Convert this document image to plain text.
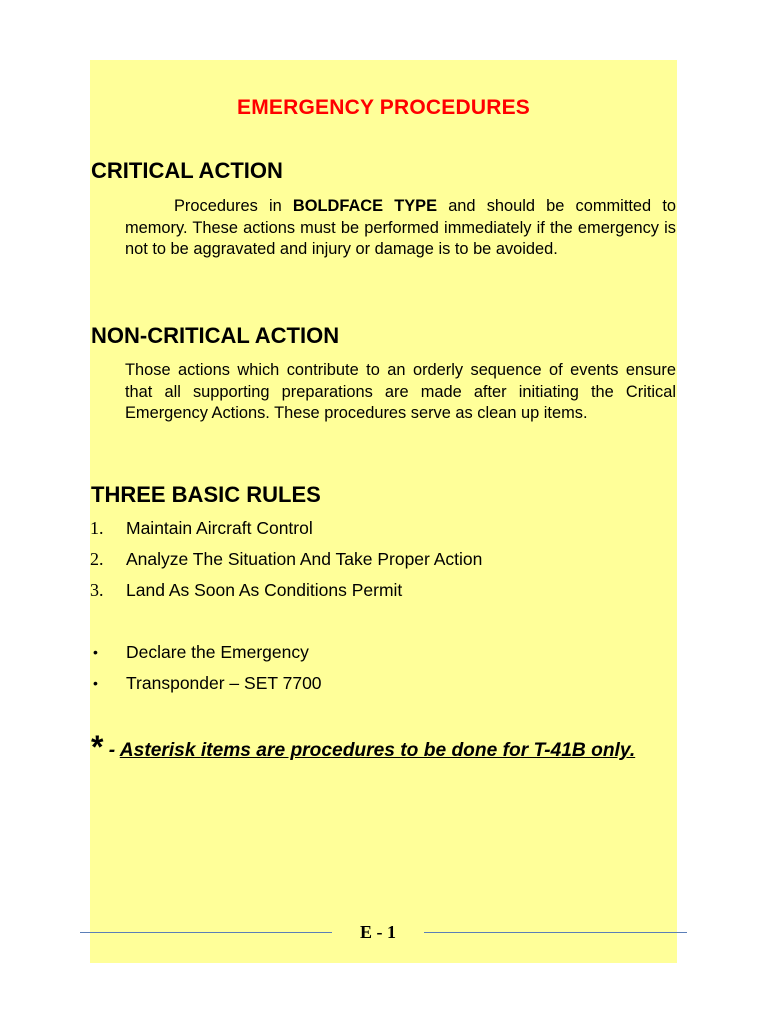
EMERGENCY PROCEDURES
CRITICAL ACTION

Procedures in BOLDFACE TYPE and should be committed to memory. These actions must be performed immediately if the emergency is not to be aggravated and injury or damage is to be avoided.

NON-CRITICAL ACTION

Those actions which contribute to an orderly sequence of events ensure that all supporting preparations are made after initiating the Critical Emergency Actions. These procedures serve as clean up items.

THREE BASIC RULES
1. Maintain Aircraft Control
2. Analyze The Situation And Take Proper Action
3. Land As Soon As Conditions Permit
• Declare the Emergency
• Transponder – SET 7700
* - Asterisk items are procedures to be done for T-41B only.
E - 1
